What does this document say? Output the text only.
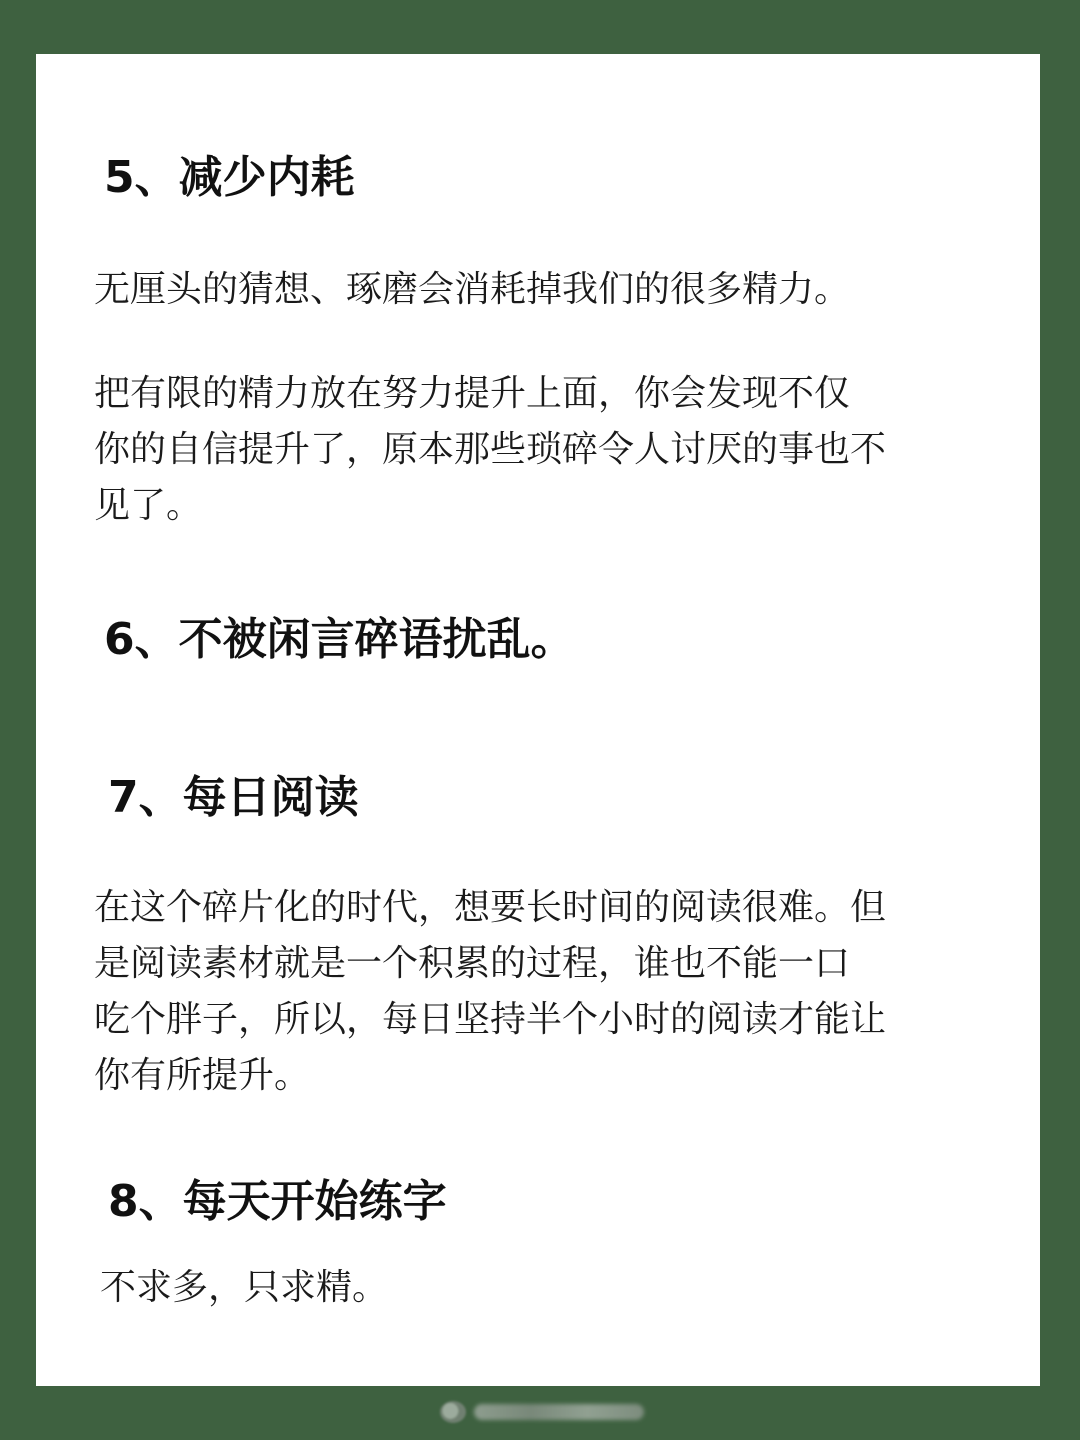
5、减少内耗

无厘头的猜想、琢磨会消耗掉我们的很多精力。

把有限的精力放在努力提升上面，你会发现不仅
你的自信提升了，原本那些琐碎令人讨厌的事也不
见了。

6、不被闲言碎语扰乱。
7、每日阅读

在这个碎片化的时代，想要长时间的阅读很难。但
是阅读素材就是一个积累的过程，谁也不能一口
吃个胖子，所以，每日坚持半个小时的阅读才能让
你有所提升。

8、每天开始练字

不求多，只求精。
